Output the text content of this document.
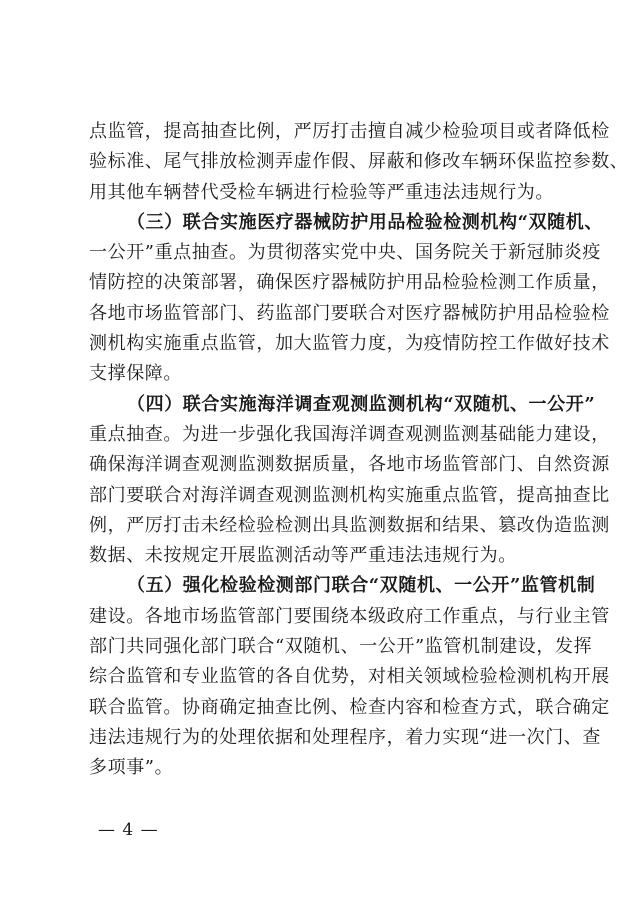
点监管，提高抽查比例，严厉打击擅自减少检验项目或者降低检
验标准、尾气排放检测弄虚作假、屏蔽和修改车辆环保监控参数、
用其他车辆替代受检车辆进行检验等严重违法违规行为。
（三）联合实施医疗器械防护用品检验检测机构“双随机、
一公开”重点抽查。为贯彻落实党中央、国务院关于新冠肺炎疫
情防控的决策部署，确保医疗器械防护用品检验检测工作质量，
各地市场监管部门、药监部门要联合对医疗器械防护用品检验检
测机构实施重点监管，加大监管力度，为疫情防控工作做好技术
支撑保障。
（四）联合实施海洋调查观测监测机构“双随机、一公开”
重点抽查。为进一步强化我国海洋调查观测监测基础能力建设，
确保海洋调查观测监测数据质量，各地市场监管部门、自然资源
部门要联合对海洋调查观测监测机构实施重点监管，提高抽查比
例，严厉打击未经检验检测出具监测数据和结果、篡改伪造监测
数据、未按规定开展监测活动等严重违法违规行为。
（五）强化检验检测部门联合“双随机、一公开”监管机制
建设。各地市场监管部门要围绕本级政府工作重点，与行业主管
部门共同强化部门联合“双随机、一公开”监管机制建设，发挥
综合监管和专业监管的各自优势，对相关领域检验检测机构开展
联合监管。协商确定抽查比例、检查内容和检查方式，联合确定
违法违规行为的处理依据和处理程序，着力实现“进一次门、查
多项事”。
— 4 —
